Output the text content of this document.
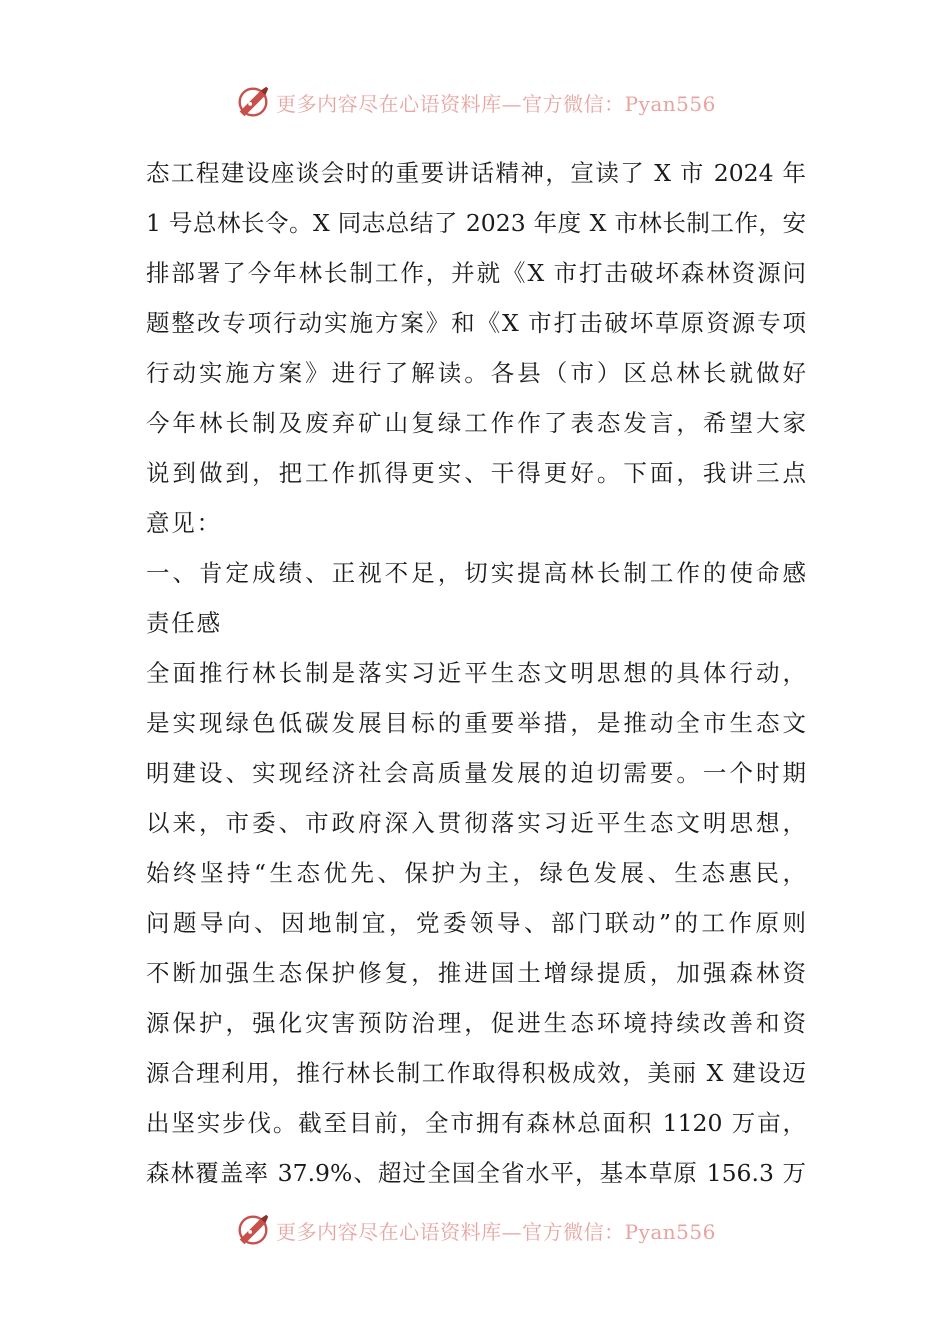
更多内容尽在心语资料库—官方微信：Pyan556
态工程建设座谈会时的重要讲话精神，宣读了 X 市 2024 年
1 号总林长令。X 同志总结了 2023 年度 X 市林长制工作，安
排部署了今年林长制工作，并就《X 市打击破坏森林资源问
题整改专项行动实施方案》和《X 市打击破坏草原资源专项
行动实施方案》进行了解读。各县（市）区总林长就做好
今年林长制及废弃矿山复绿工作作了表态发言，希望大家
说到做到，把工作抓得更实、干得更好。下面，我讲三点
意见：
一、肯定成绩、正视不足，切实提高林长制工作的使命感
责任感
全面推行林长制是落实习近平生态文明思想的具体行动，
是实现绿色低碳发展目标的重要举措，是推动全市生态文
明建设、实现经济社会高质量发展的迫切需要。一个时期
以来，市委、市政府深入贯彻落实习近平生态文明思想，
始终坚持“生态优先、保护为主，绿色发展、生态惠民，
问题导向、因地制宜，党委领导、部门联动”的工作原则
不断加强生态保护修复，推进国土增绿提质，加强森林资
源保护，强化灾害预防治理，促进生态环境持续改善和资
源合理利用，推行林长制工作取得积极成效，美丽 X 建设迈
出坚实步伐。截至目前，全市拥有森林总面积 1120 万亩，
森林覆盖率 37.9%、超过全国全省水平，基本草原 156.3 万
更多内容尽在心语资料库—官方微信：Pyan556
